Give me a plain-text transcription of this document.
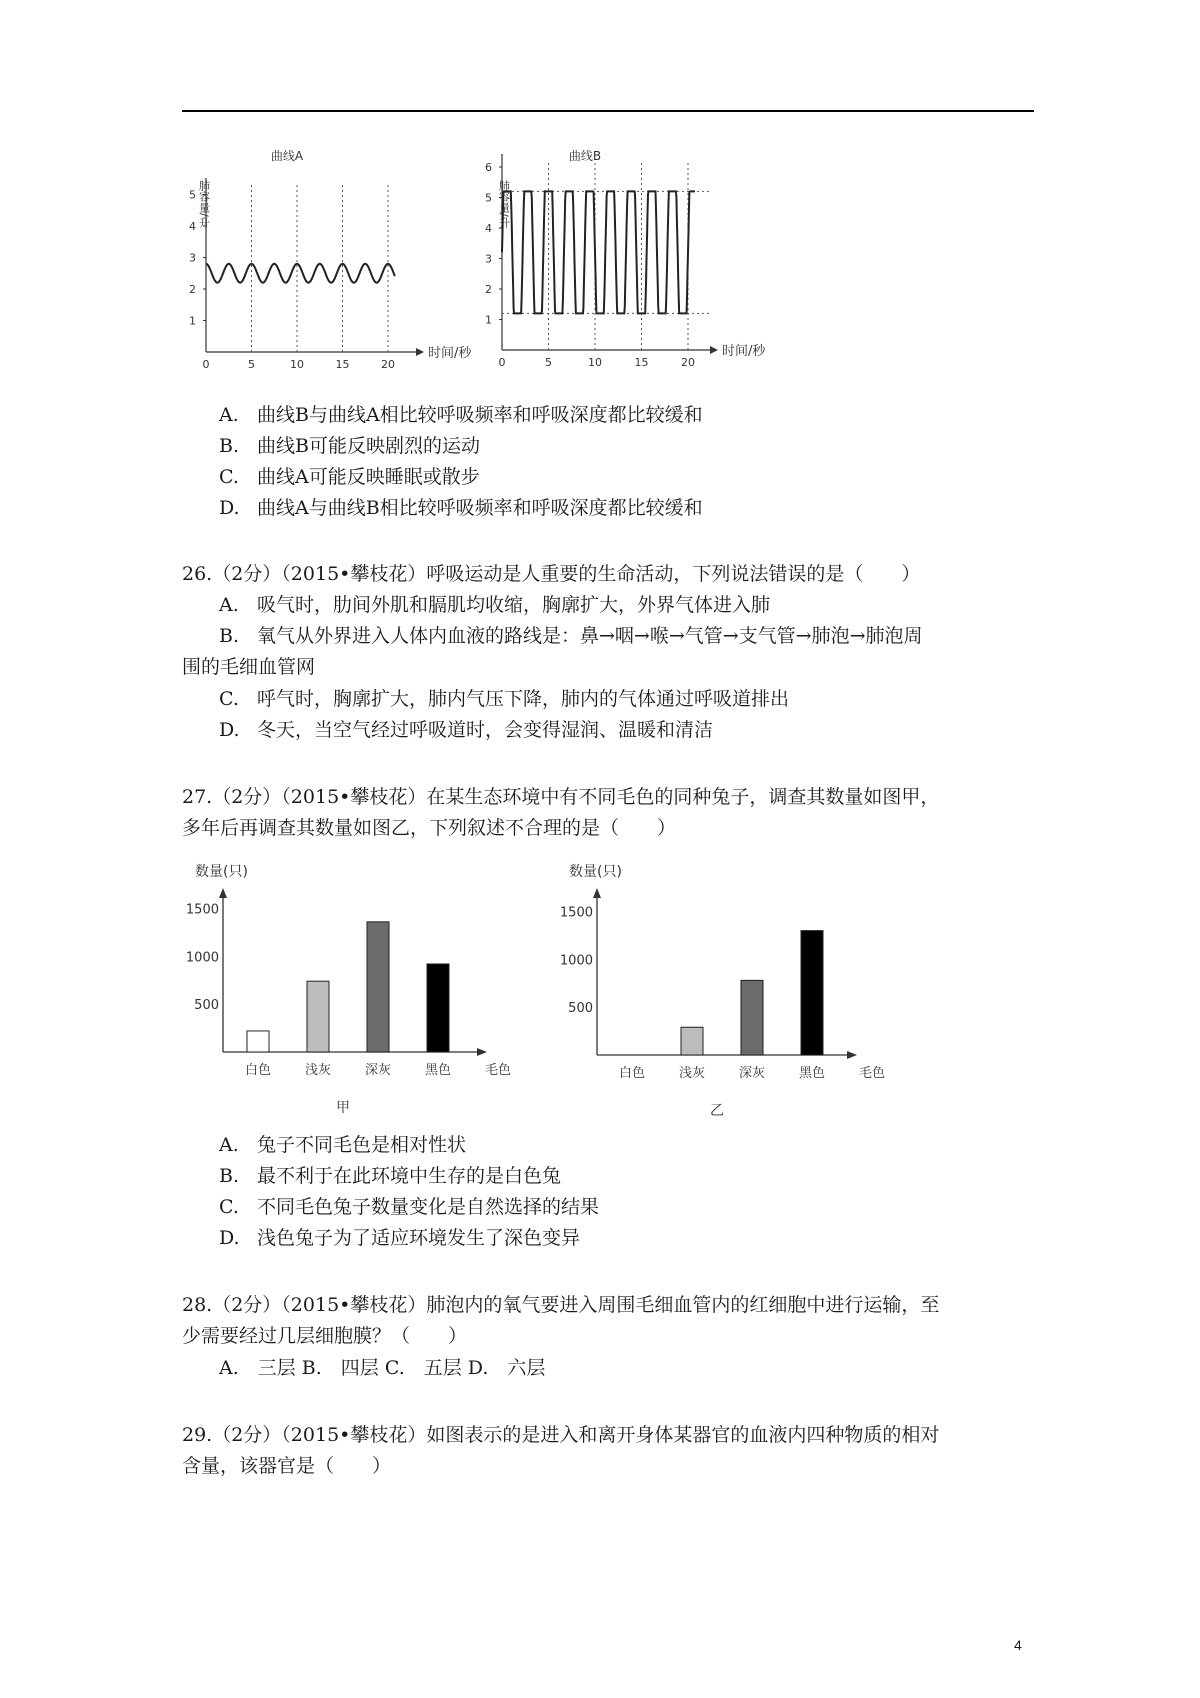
曲线A
肺容量/升
时间/秒
0	5	10	15	20
1
2
3
4
5
曲线B
肺容量/升
时间/秒
0	5	10	15	20
1
2
3
4
5
6
A. 曲线B与曲线A相比较呼吸频率和呼吸深度都比较缓和
B. 曲线B可能反映剧烈的运动
C. 曲线A可能反映睡眠或散步
D. 曲线A与曲线B相比较呼吸频率和呼吸深度都比较缓和
26.（2分）（2015•攀枝花）呼吸运动是人重要的生命活动，下列说法错误的是（　　）
A. 吸气时，肋间外肌和膈肌均收缩，胸廓扩大，外界气体进入肺
B. 氧气从外界进入人体内血液的路线是：鼻→咽→喉→气管→支气管→肺泡→肺泡周
围的毛细血管网
C. 呼气时，胸廓扩大，肺内气压下降，肺内的气体通过呼吸道排出
D. 冬天，当空气经过呼吸道时，会变得湿润、温暖和清洁
27.（2分）（2015•攀枝花）在某生态环境中有不同毛色的同种兔子，调查其数量如图甲，
多年后再调查其数量如图乙，下列叙述不合理的是（　　）
数量(只)
500
1000
1500
白色	浅灰	深灰	黑色	毛色
甲
数量(只)
500
1000
1500
白色	浅灰	深灰	黑色	毛色
乙
A. 兔子不同毛色是相对性状
B. 最不利于在此环境中生存的是白色兔
C. 不同毛色兔子数量变化是自然选择的结果
D. 浅色兔子为了适应环境发生了深色变异
28.（2分）（2015•攀枝花）肺泡内的氧气要进入周围毛细血管内的红细胞中进行运输，至
少需要经过几层细胞膜？（　　）
A.　三层 B.　四层 C.　五层 D.　六层
29.（2分）（2015•攀枝花）如图表示的是进入和离开身体某器官的血液内四种物质的相对
含量，该器官是（　　）
4
